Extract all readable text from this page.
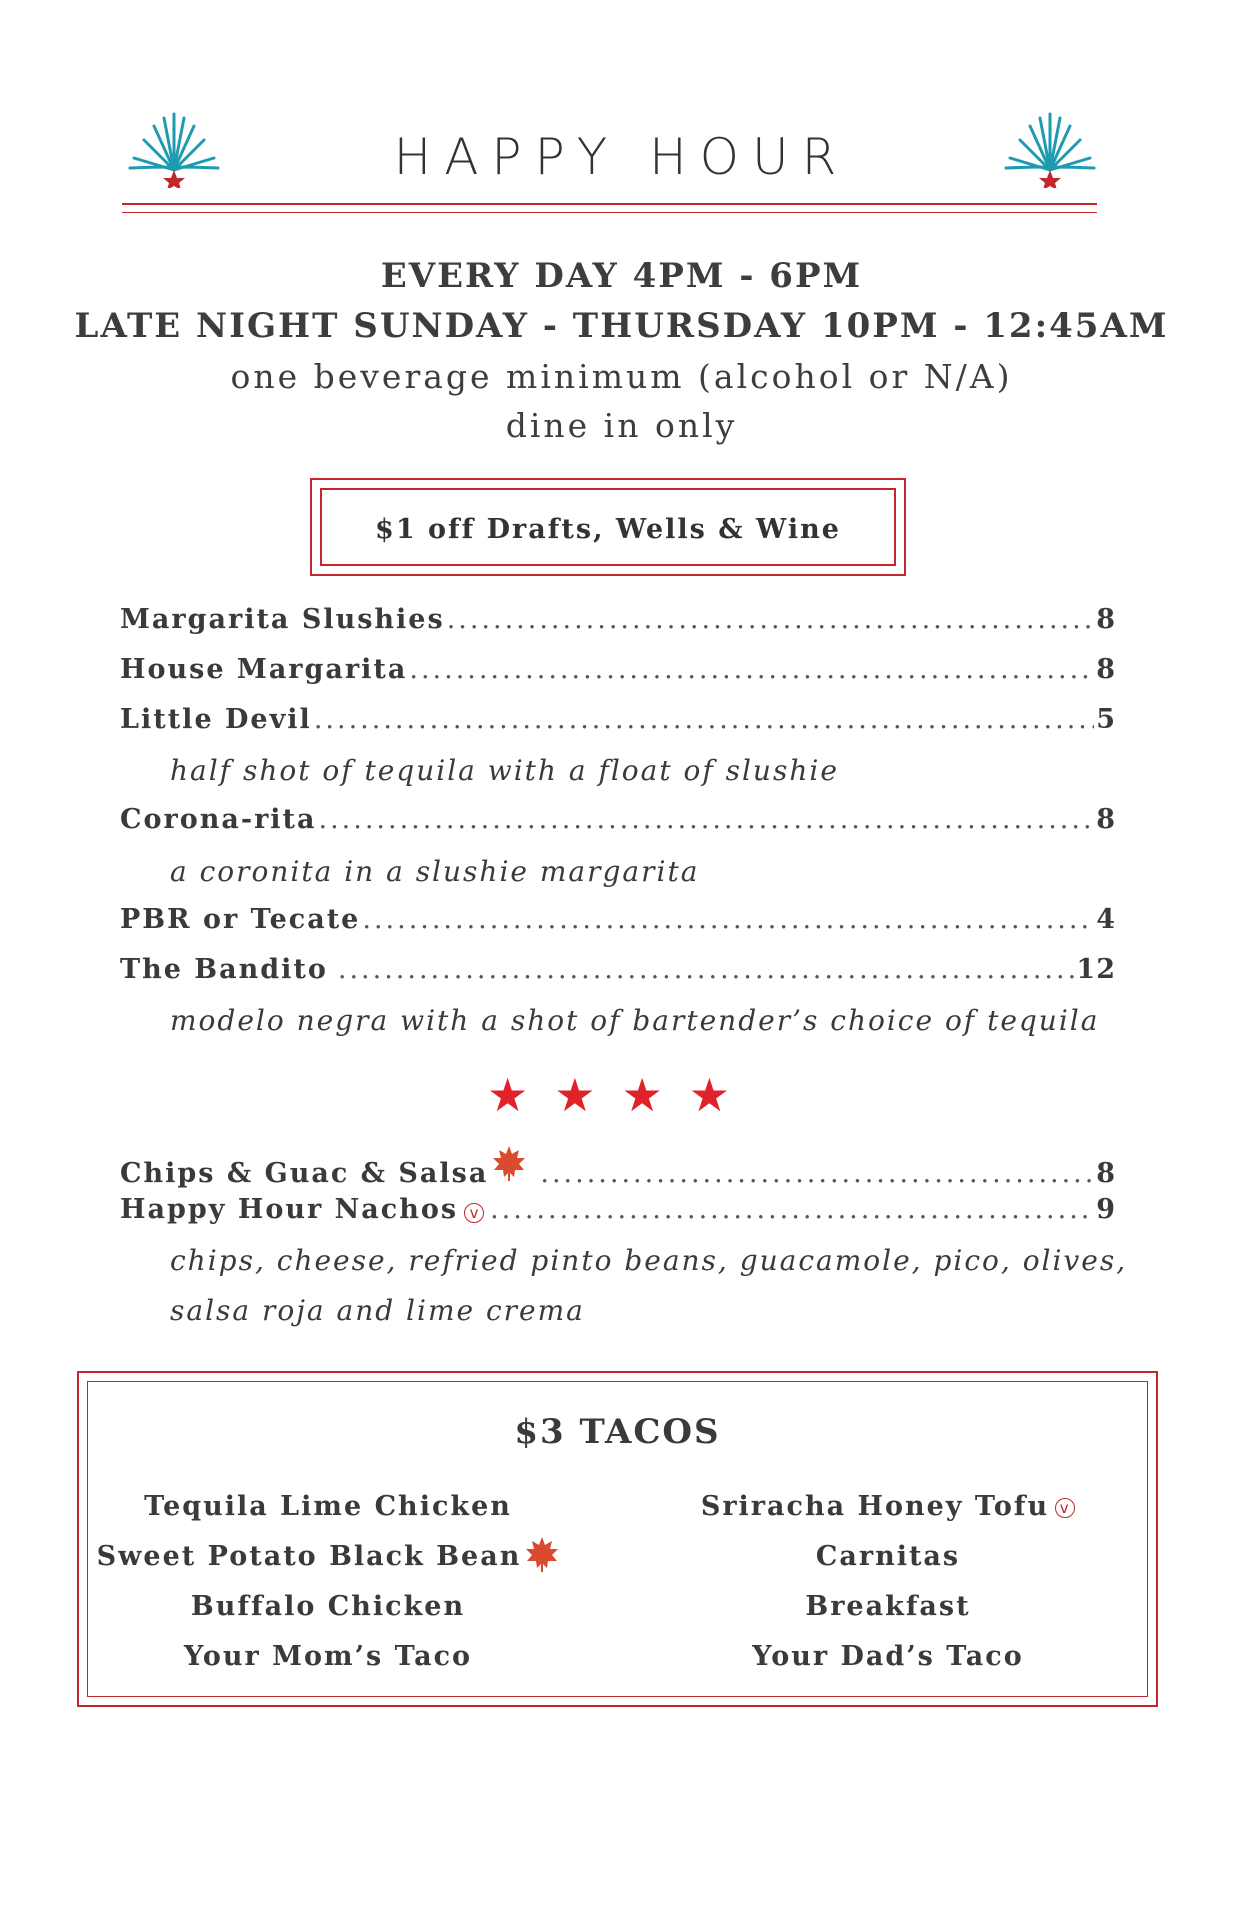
HAPPY HOUR
EVERY DAY 4PM - 6PM
LATE NIGHT SUNDAY - THURSDAY 10PM - 12:45AM
one beverage minimum (alcohol or N/A)
dine in only
$1 off Drafts, Wells & Wine
Margarita Slushies .....	8
House Margarita .....	8
Little Devil .....	5
half shot of tequila with a float of slushie
Corona-rita .....	8
a coronita in a slushie margarita
PBR or Tecate .....	4
The Bandito .....	12
modelo negra with a shot of bartender’s choice of tequila
★★★★
Chips & Guac & Salsa .....	8
Happy Hour Nachos v .....	9
chips, cheese, refried pinto beans, guacamole, pico, olives,
salsa roja and lime crema
$3 TACOS
Tequila Lime Chicken
Sweet Potato Black Bean
Buffalo Chicken
Your Mom’s Taco
Sriracha Honey Tofu v
Carnitas
Breakfast
Your Dad’s Taco
